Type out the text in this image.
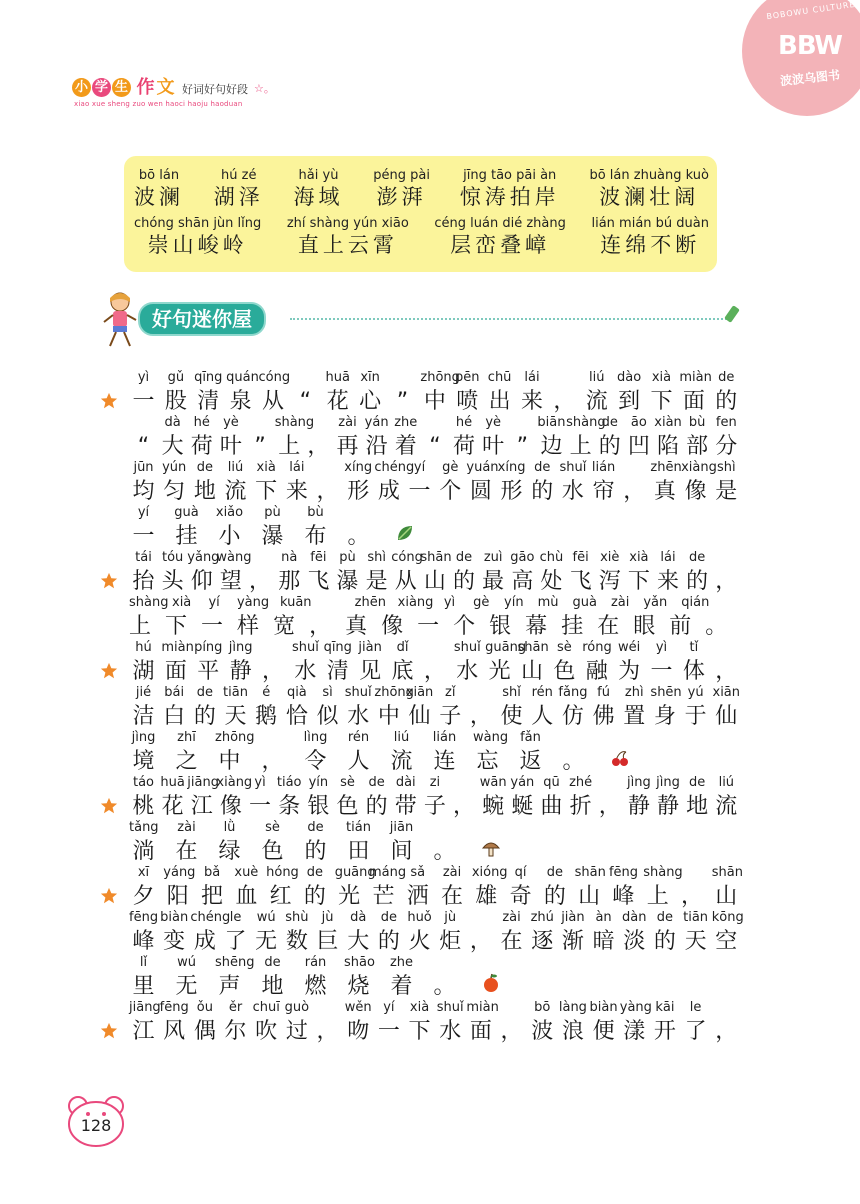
小 学 生 作 文 好词好句好段 ☆。
xiao xue sheng zuo wen haoci haoju haoduan
BOBOWU CULTURE
BBW
波波乌图书
bō lán
波澜
hú zé
湖泽
hǎi yù
海域
péng pài
澎湃
jīng tāo pāi àn
惊涛拍岸
bō lán zhuàng kuò
波澜壮阔
chóng shān jùn lǐng
崇山峻岭
zhí shàng yún xiāo
直上云霄
céng luán dié zhàng
层峦叠嶂
lián mián bú duàn
连绵不断
好句迷你屋
yì	gǔ qīng quán cóng	huā xīn	zhōng
pēn chū lái	liú dào xià miàn de
一 股 清 泉 从 “ 花 心 ” 中 喷 出 来 ， 流 到 下 面 的
dà hé	yè	shàng	zài yán zhe	hé	yè	biān shàng
de	āo xiàn bù fen
“ 大 荷 叶 ” 上 ， 再 沿 着 “ 荷 叶 ” 边 上 的 凹 陷 部 分
jūn yún de	liú	xià	lái	xíng chéng yí	gè yuán xíng de shuǐ lián	zhēn xiàng shì
均 匀 地 流 下 来 ， 形 成 一 个 圆 形 的 水 帘 ， 真 像 是
yí	guà xiǎo	pù	bù
一 挂 小 瀑 布 。
tái tóu yǎng
wàng	nà fēi pù shì cóng
shān de zuì gāo chù fēi xiè xià lái	de
抬 头 仰 望 ， 那 飞 瀑 是 从 山 的 最 高 处 飞 泻 下 来 的 ，
shàng xià yí yàng kuān	zhēn xiàng yì gè yín mù guà zài yǎn qián
上 下 一 样 宽 ， 真 像 一 个 银 幕 挂 在 眼 前 。
hú miàn píng jìng	shuǐ qīng jiàn	dǐ	shuǐ guāng
shān sè róng wéi	yì	tǐ
湖 面 平 静 ， 水 清 见 底 ， 水 光 山 色 融 为 一 体 ，
jié	bái de tiān	é	qià	sì shuǐ zhōng
xiān zǐ	shǐ rén fǎng fú	zhì shēn yú xiān
洁 白 的 天 鹅 恰 似 水 中 仙 子 ， 使 人 仿 佛 置 身 于 仙
jìng	zhī	zhōng	lìng rén	liú	lián wàng fǎn
境 之 中 ， 令 人 流 连 忘 返 。
táo huā jiāng
xiàng yì tiáo yín sè	de dài	zi	wān yán qū zhé	jìng jìng de	liú
桃 花 江 像 一 条 银 色 的 带 子 ， 蜿 蜒 曲 折 ， 静 静 地 流
tǎng	zài	lǜ	sè	de	tián jiān
淌 在 绿 色 的 田 间 。
xī	yáng bǎ	xuè hóng de guāng
máng sǎ	zài xióng qí	de shān fēng shàng shān
夕 阳 把 血 红 的 光 芒 洒 在 雄 奇 的 山 峰 上 ， 山
fēng biàn chéng le	wú shù	jù	dà	de huǒ jù	zài zhú jiàn àn dàn de tiān kōng
峰 变 成 了 无 数 巨 大 的 火 炬 ， 在 逐 渐 暗 淡 的 天 空
lǐ	wú	shēng de	rán shāo zhe
里 无 声 地 燃 烧 着 。
jiāng
fēng ǒu	ěr chuī guò	wěn yí	xià shuǐ miàn	bō làng biàn yàng kāi	le
江 风 偶 尔 吹 过 ， 吻 一 下 水 面 ， 波 浪 便 漾 开 了 ，
128
